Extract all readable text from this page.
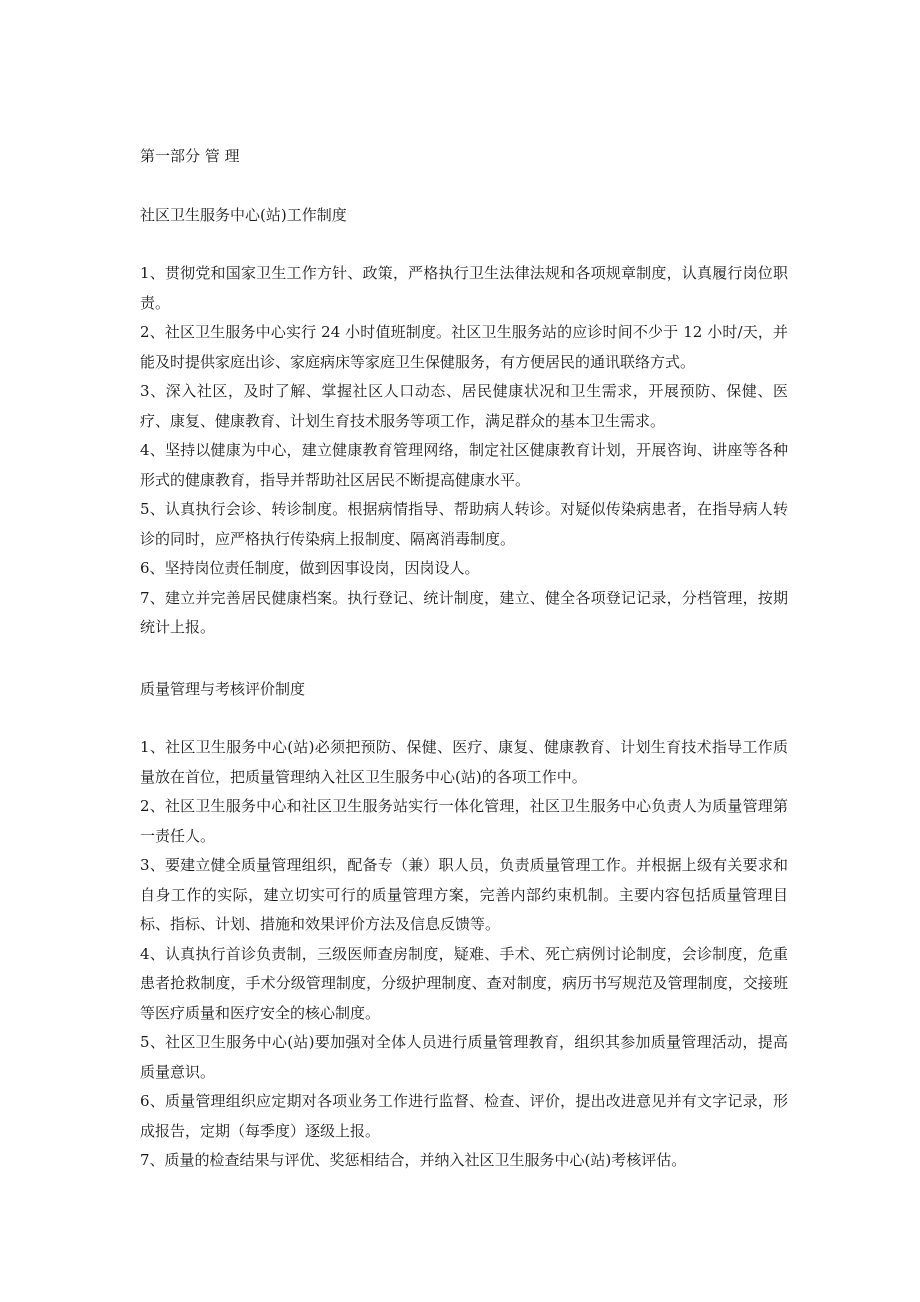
第一部分 管 理
社区卫生服务中心(站)工作制度
1、贯彻党和国家卫生工作方针、政策，严格执行卫生法律法规和各项规章制度，认真履行岗位职责。
2、社区卫生服务中心实行 24 小时值班制度。社区卫生服务站的应诊时间不少于 12 小时/天，并能及时提供家庭出诊、家庭病床等家庭卫生保健服务，有方便居民的通讯联络方式。
3、深入社区，及时了解、掌握社区人口动态、居民健康状况和卫生需求，开展预防、保健、医疗、康复、健康教育、计划生育技术服务等项工作，满足群众的基本卫生需求。
4、坚持以健康为中心，建立健康教育管理网络，制定社区健康教育计划，开展咨询、讲座等各种形式的健康教育，指导并帮助社区居民不断提高健康水平。
5、认真执行会诊、转诊制度。根据病情指导、帮助病人转诊。对疑似传染病患者，在指导病人转诊的同时，应严格执行传染病上报制度、隔离消毒制度。
6、坚持岗位责任制度，做到因事设岗，因岗设人。
7、建立并完善居民健康档案。执行登记、统计制度，建立、健全各项登记记录，分档管理，按期统计上报。
质量管理与考核评价制度
1、社区卫生服务中心(站)必须把预防、保健、医疗、康复、健康教育、计划生育技术指导工作质量放在首位，把质量管理纳入社区卫生服务中心(站)的各项工作中。
2、社区卫生服务中心和社区卫生服务站实行一体化管理，社区卫生服务中心负责人为质量管理第一责任人。
3、要建立健全质量管理组织，配备专（兼）职人员，负责质量管理工作。并根据上级有关要求和自身工作的实际，建立切实可行的质量管理方案，完善内部约束机制。主要内容包括质量管理目标、指标、计划、措施和效果评价方法及信息反馈等。
4、认真执行首诊负责制，三级医师查房制度，疑难、手术、死亡病例讨论制度，会诊制度，危重患者抢救制度，手术分级管理制度，分级护理制度、查对制度，病历书写规范及管理制度，交接班等医疗质量和医疗安全的核心制度。
5、社区卫生服务中心(站)要加强对全体人员进行质量管理教育，组织其参加质量管理活动，提高质量意识。
6、质量管理组织应定期对各项业务工作进行监督、检查、评价，提出改进意见并有文字记录，形成报告，定期（每季度）逐级上报。
7、质量的检查结果与评优、奖惩相结合，并纳入社区卫生服务中心(站)考核评估。
